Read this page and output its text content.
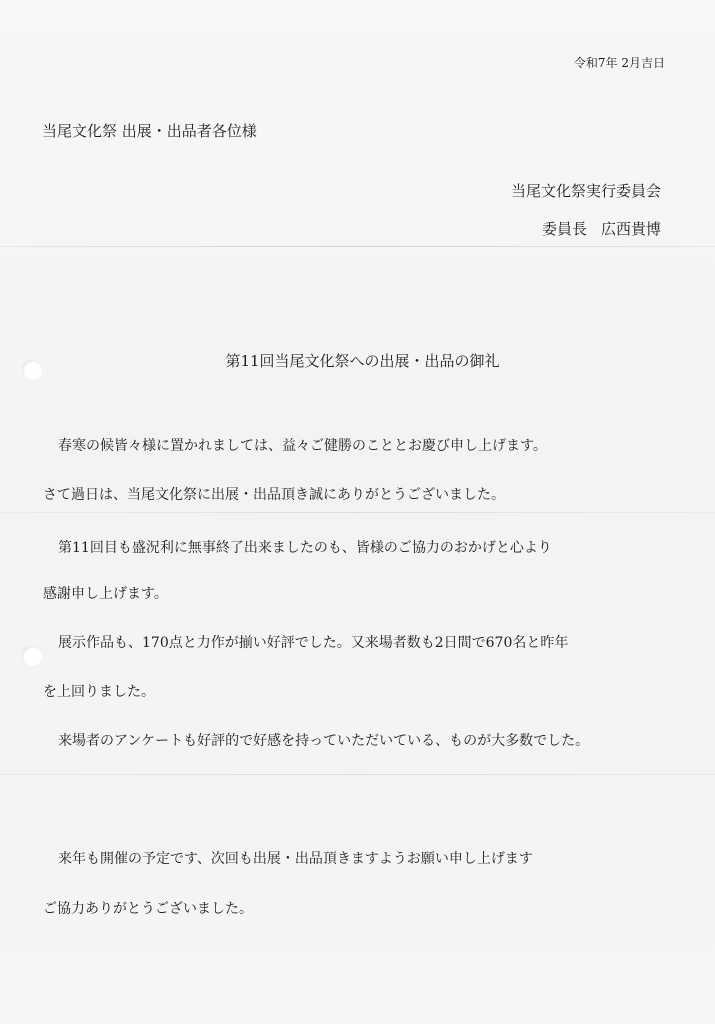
令和7年 2月吉日
当尾文化祭 出展・出品者各位様
当尾文化祭実行委員会
委員長 広西貴博
第11回当尾文化祭への出展・出品の御礼
春寒の候皆々様に置かれましては、益々ご健勝のこととお慶び申し上げます。
さて過日は、当尾文化祭に出展・出品頂き誠にありがとうございました。
第11回目も盛況利に無事終了出来ましたのも、皆様のご協力のおかげと心より
感謝申し上げます。
展示作品も、170点と力作が揃い好評でした。又来場者数も2日間で670名と昨年
を上回りました。
来場者のアンケートも好評的で好感を持っていただいている、ものが大多数でした。
来年も開催の予定です、次回も出展・出品頂きますようお願い申し上げます
ご協力ありがとうございました。
